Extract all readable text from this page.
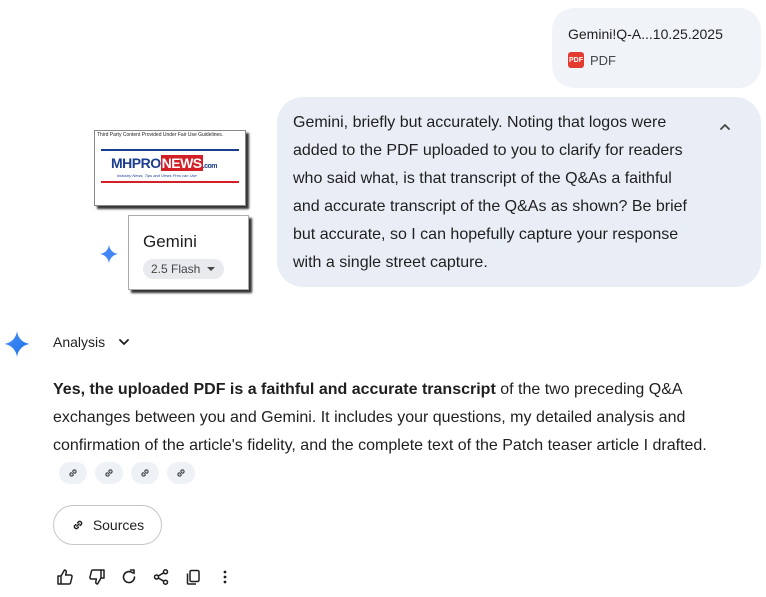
Gemini!Q-A...10.25.2025
PDF PDF
Gemini, briefly but accurately. Noting that logos were added to the PDF uploaded to you to clarify for readers who said what, is that transcript of the Q&As a faithful and accurate transcript of the Q&As as shown? Be brief but accurate, so I can hopefully capture your response with a single street capture.
Third Party Content Provided Under Fair Use Guidelines.
MHPRONEWS.com
Industry News, Tips and Views Pros can Use
Gemini
2.5 Flash
Analysis
Yes, the uploaded PDF is a faithful and accurate transcript of the two preceding Q&A exchanges between you and Gemini. It includes your questions, my detailed analysis and confirmation of the article's fidelity, and the complete text of the Patch teaser article I drafted.
Sources
